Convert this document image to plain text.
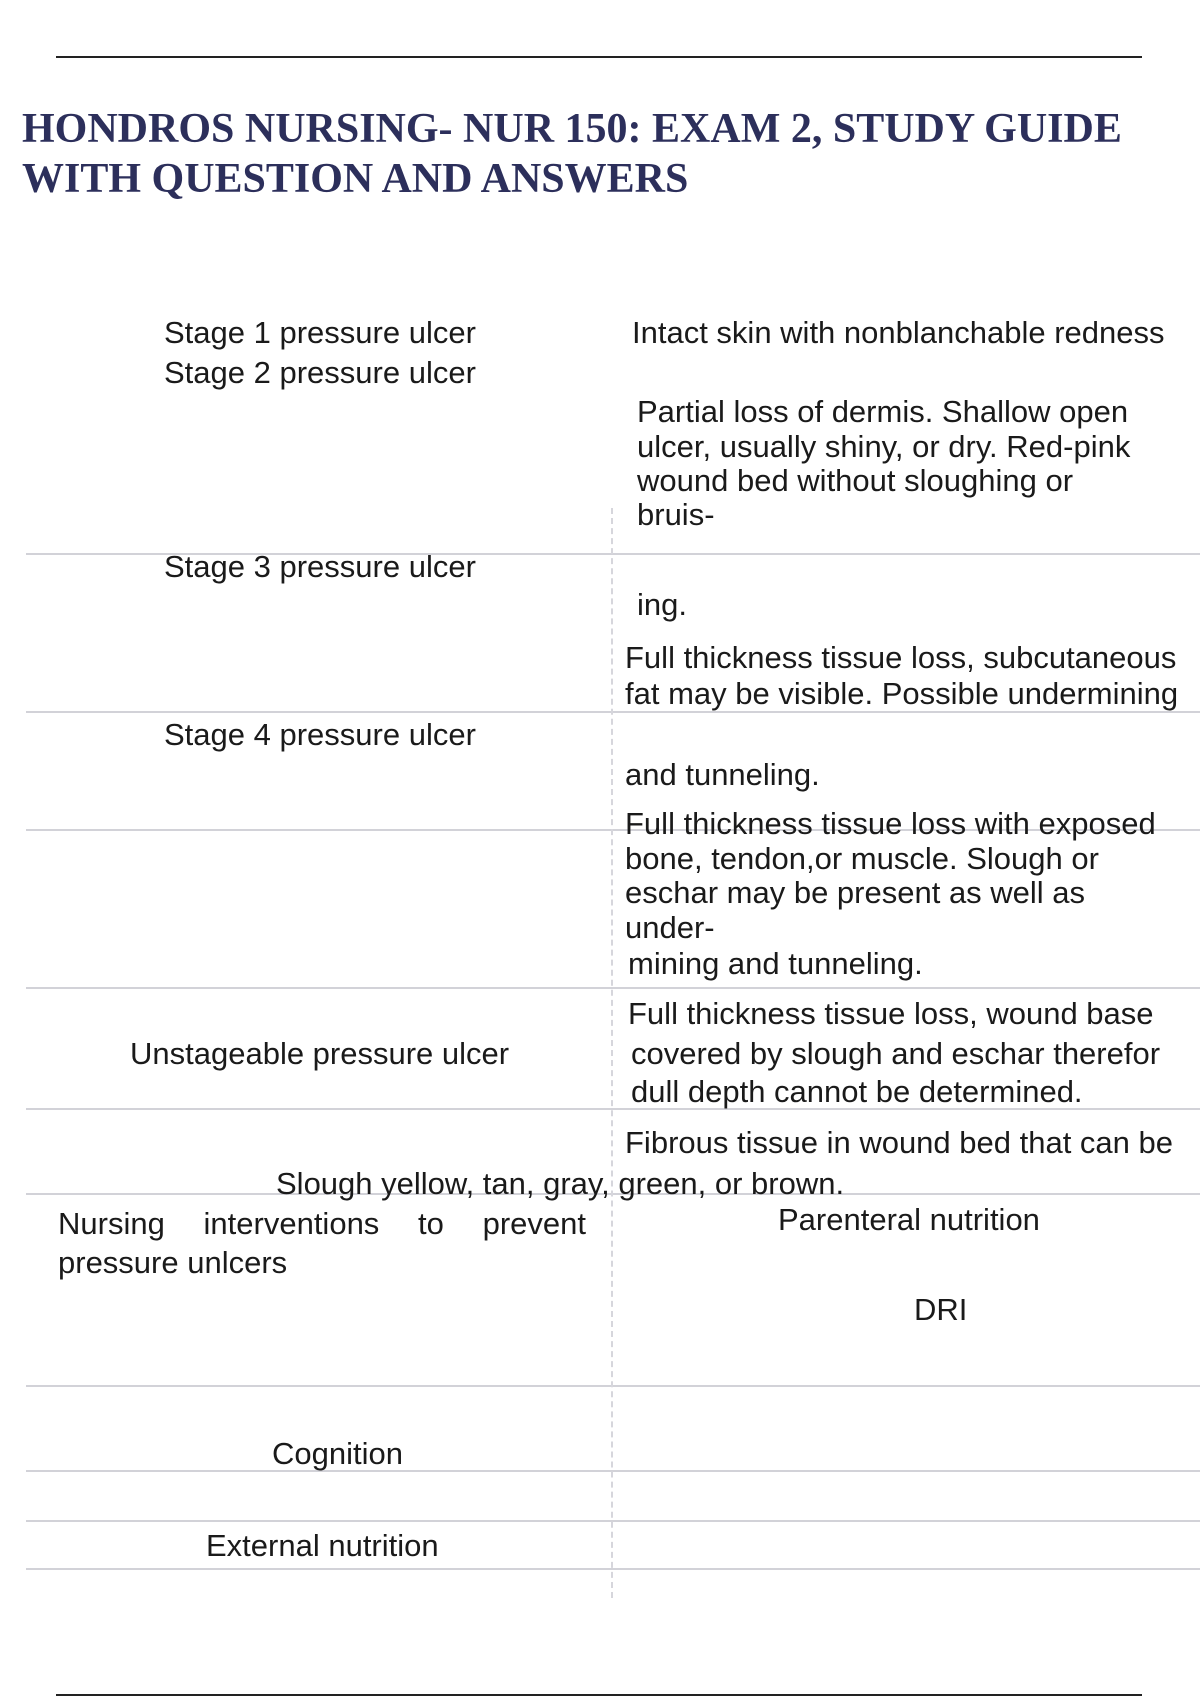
HONDROS NURSING- NUR 150: EXAM 2, STUDY GUIDE WITH QUESTION AND ANSWERS
Stage 1 pressure ulcer
Stage 2 pressure ulcer
Stage 3 pressure ulcer
Stage 4 pressure ulcer
Unstageable pressure ulcer
Slough yellow, tan, gray, green, or brown.
Nursing interventions to prevent
pressure unlcers
Cognition
External nutrition
Intact skin with nonblanchable redness
Partial loss of dermis. Shallow open
ulcer, usually shiny, or dry. Red-pink
wound bed without sloughing or
bruis-
ing.
Full thickness tissue loss, subcutaneous
fat may be visible. Possible undermining
and tunneling.
Full thickness tissue loss with exposed
bone, tendon,or muscle. Slough or
eschar may be present as well as
under-
mining and tunneling.
Full thickness tissue loss, wound base
covered by slough and eschar therefor
dull depth cannot be determined.
Fibrous tissue in wound bed that can be
Parenteral nutrition
DRI
